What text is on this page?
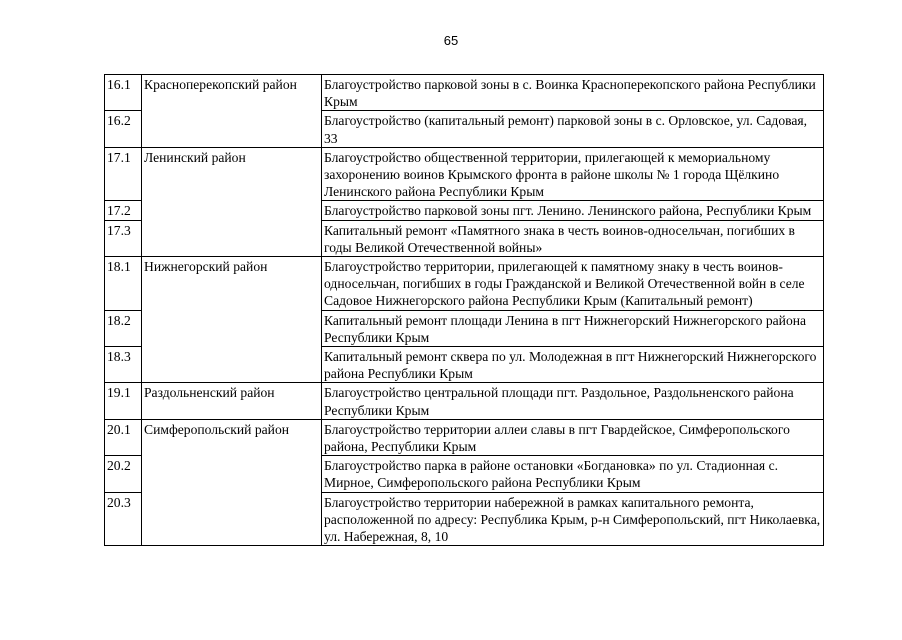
65
16.1	Красноперекопский район	Благоустройство парковой зоны в с. Воинка Красноперекопского района Республики Крым
16.2		Благоустройство (капитальный ремонт) парковой зоны в с. Орловское, ул. Садовая, 33
17.1	Ленинский район	Благоустройство общественной территории, прилегающей к мемориальному захоронению воинов Крымского фронта в районе школы № 1 города Щёлкино Ленинского района Республики Крым
17.2		Благоустройство парковой зоны пгт. Ленино. Ленинского района, Республики Крым
17.3		Капитальный ремонт «Памятного знака в честь воинов-односельчан, погибших в годы Великой Отечественной войны»
18.1	Нижнегорский район	Благоустройство территории, прилегающей к памятному знаку в честь воинов-односельчан, погибших в годы Гражданской и Великой Отечественной войн в селе Садовое Нижнегорского района Республики Крым (Капитальный ремонт)
18.2		Капитальный ремонт площади Ленина в пгт Нижнегорский Нижнегорского района Республики Крым
18.3		Капитальный ремонт сквера по ул. Молодежная в пгт Нижнегорский Нижнегорского района Республики Крым
19.1	Раздольненский район	Благоустройство центральной площади пгт. Раздольное, Раздольненского района Республики Крым
20.1	Симферопольский район	Благоустройство территории аллеи славы в пгт Гвардейское, Симферопольского района, Республики Крым
20.2		Благоустройство парка в районе остановки «Богдановка» по ул. Стадионная с. Мирное, Симферопольского района Республики Крым
20.3		Благоустройство территории набережной в рамках капитального ремонта, расположенной по адресу: Республика Крым, р-н Симферопольский, пгт Николаевка, ул. Набережная, 8, 10
